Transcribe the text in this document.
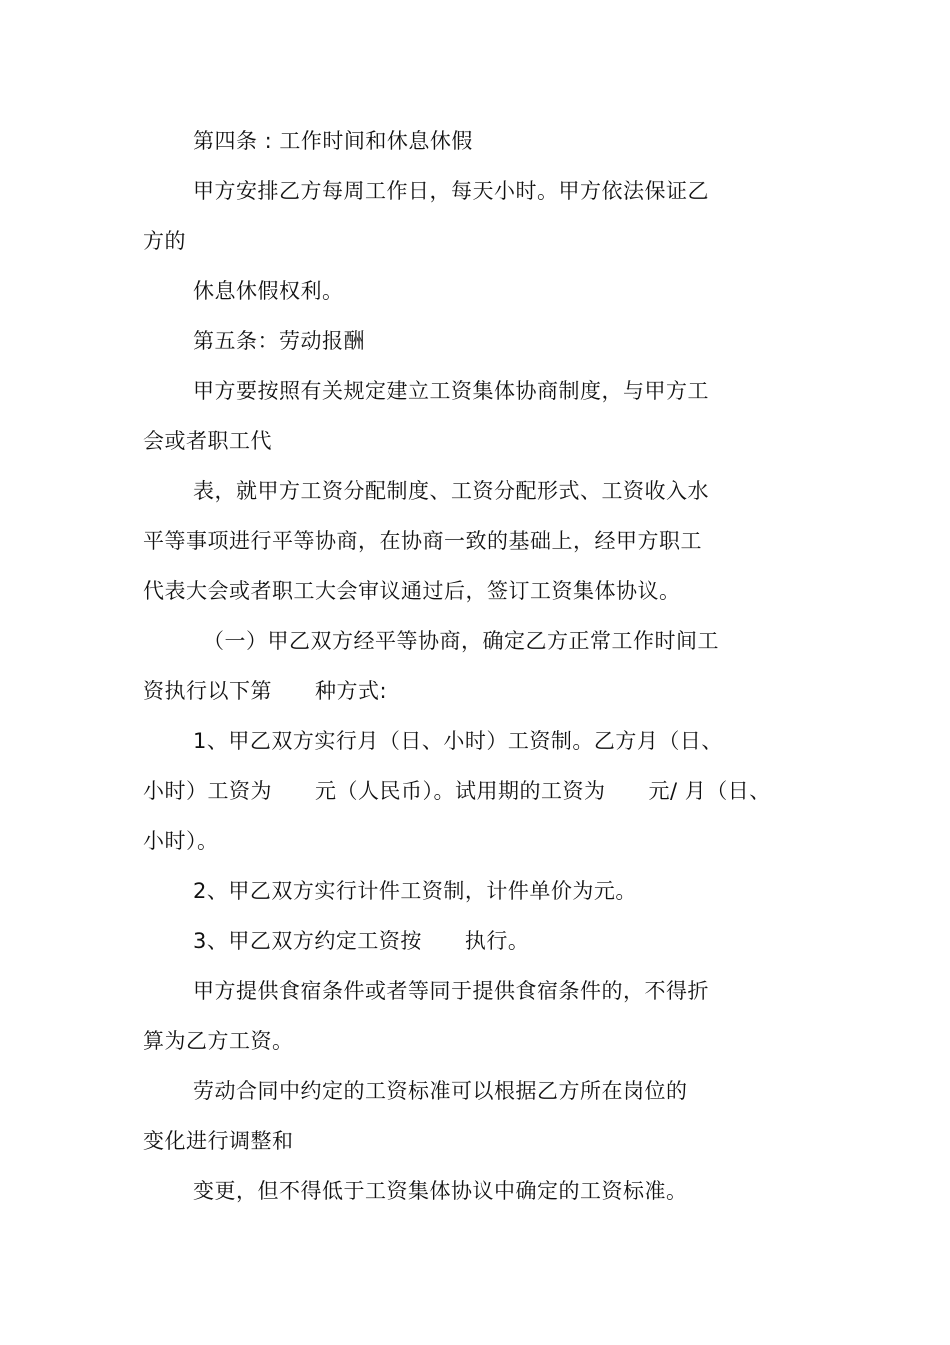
第四条 : 工作时间和休息休假
甲方安排乙方每周工作日，每天小时。甲方依法保证乙
方的
休息休假权利。
第五条：劳动报酬
甲方要按照有关规定建立工资集体协商制度，与甲方工
会或者职工代
表，就甲方工资分配制度、工资分配形式、工资收入水
平等事项进行平等协商，在协商一致的基础上，经甲方职工
代表大会或者职工大会审议通过后，签订工资集体协议。
（一）甲乙双方经平等协商，确定乙方正常工作时间工
资执行以下第　　种方式:
1、甲乙双方实行月（日、小时）工资制。乙方月（日、
小时）工资为　　元（人民币）。试用期的工资为　　元/ 月（日、
小时）。
2、甲乙双方实行计件工资制，计件单价为元。
3、甲乙双方约定工资按　　执行。
甲方提供食宿条件或者等同于提供食宿条件的，不得折
算为乙方工资。
劳动合同中约定的工资标准可以根据乙方所在岗位的
变化进行调整和
变更，但不得低于工资集体协议中确定的工资标准。
